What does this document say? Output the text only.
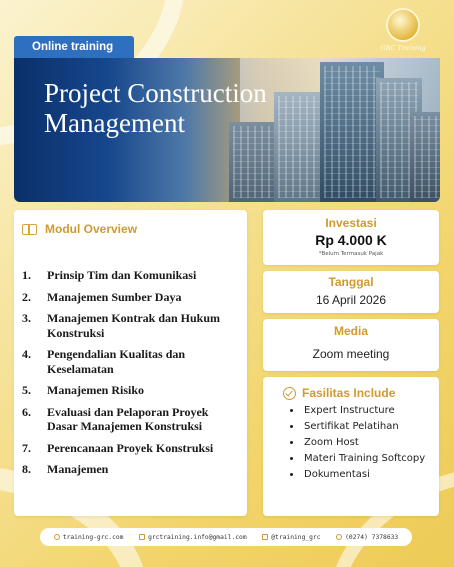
GRC Training
Online training
Project Construction
Management
Modul Overview
1.	Prinsip Tim dan Komunikasi
2.	Manajemen Sumber Daya
3.	Manajemen Kontrak dan Hukum Konstruksi
4.	Pengendalian Kualitas dan Keselamatan
5.	Manajemen Risiko
6.	Evaluasi dan Pelaporan Proyek Dasar Manajemen Konstruksi
7.	Perencanaan Proyek Konstruksi
8.	Manajemen
Investasi
Rp 4.000 K
*Belum Termasuk Pajak
Tanggal
16 April 2026
Media
Zoom meeting
Fasilitas Include
• Expert Instructure
• Sertifikat Pelatihan
• Zoom Host
• Materi Training Softcopy
• Dokumentasi
training-grc.com	grctraining.info@gmail.com	@training_grc	(0274) 7378633
